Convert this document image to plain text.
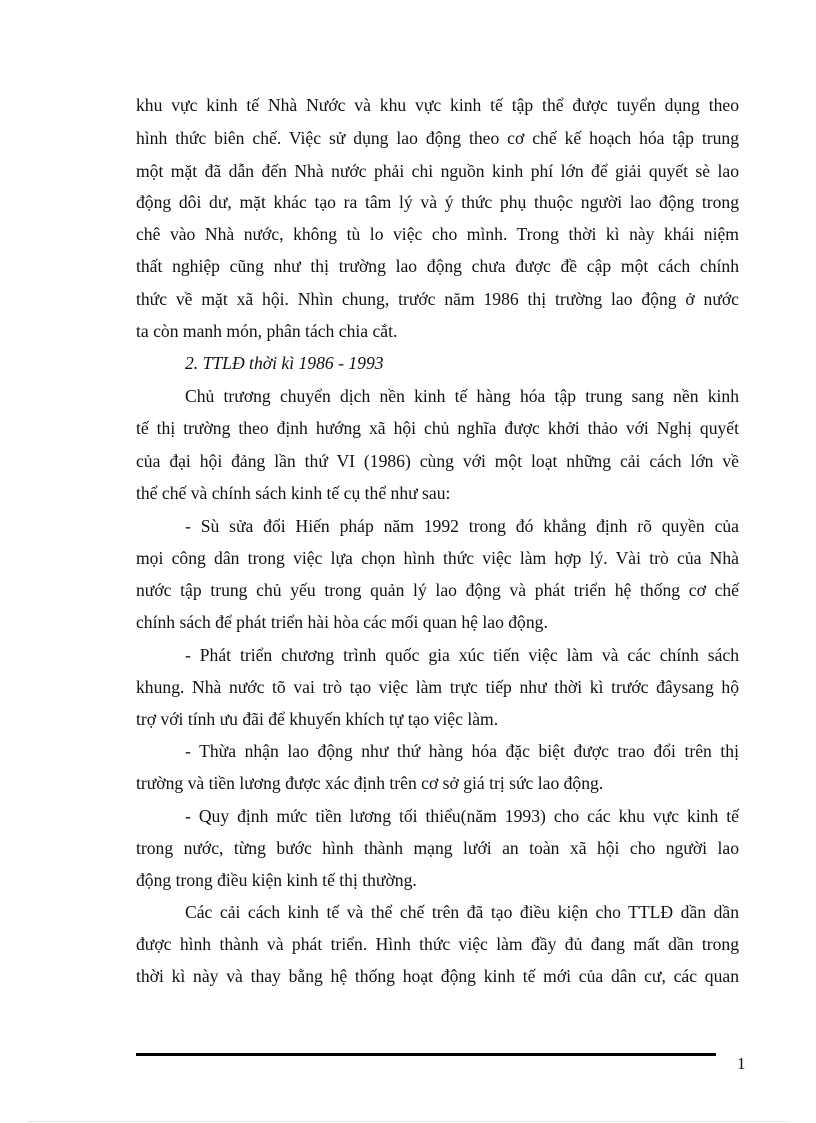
khu vực kinh tế Nhà Nước và khu vực kinh tế tập thể được tuyển dụng theo
hình thức biên chế. Việc sử dụng lao động theo cơ chế kế hoạch hóa tập trung
một mặt đã dẫn đến Nhà nước phải chi nguồn kinh phí lớn để giải quyết sè lao
động dôi dư, mặt khác tạo ra tâm lý và ý thức phụ thuộc người lao động trong
chê vào Nhà nước, không tù lo việc cho mình. Trong thời kì này khái niệm
thất nghiệp cũng như thị trường lao động chưa được đề cập một cách chính
thức về mặt xã hội. Nhìn chung, trước năm 1986 thị trường lao động ở nước
ta còn manh món, phân tách chia cắt.
2. TTLĐ thời kì 1986 - 1993
Chủ trương chuyển dịch nền kinh tế hàng hóa tập trung sang nền kinh
tế thị trường theo định hướng xã hội chủ nghĩa được khởi thảo với Nghị quyết
của đại hội đảng lần thứ VI (1986) cùng với một loạt những cải cách lớn về
thể chế và chính sách kinh tế cụ thể như sau:
- Sù sửa đổi Hiến pháp năm 1992 trong đó khẳng định rõ quyền của
mọi công dân trong việc lựa chọn hình thức việc làm hợp lý. Vài trò của Nhà
nước tập trung chủ yếu trong quản lý lao động và phát triển hệ thống cơ chế
chính sách để phát triển hài hòa các mối quan hệ lao động.
- Phát triển chương trình quốc gia xúc tiến việc làm và các chính sách
khung. Nhà nước tõ vai trò tạo việc làm trực tiếp như thời kì trước đâysang hộ
trợ với tính ưu đãi để khuyến khích tự tạo việc làm.
- Thừa nhận lao động như thứ hàng hóa đặc biệt được trao đổi trên thị
trường và tiền lương được xác định trên cơ sở giá trị sức lao động.
- Quy định mức tiền lương tối thiểu(năm 1993) cho các khu vực kinh tế
trong nước, từng bước hình thành mạng lưới an toàn xã hội cho người lao
động trong điều kiện kinh tế thị thường.
Các cải cách kinh tế và thể chế trên đã tạo điều kiện cho TTLĐ dần dần
được hình thành và phát triển. Hình thức việc làm đầy đủ đang mất dần trong
thời kì này và thay bằng hệ thống hoạt động kinh tế mới của dân cư, các quan
1
